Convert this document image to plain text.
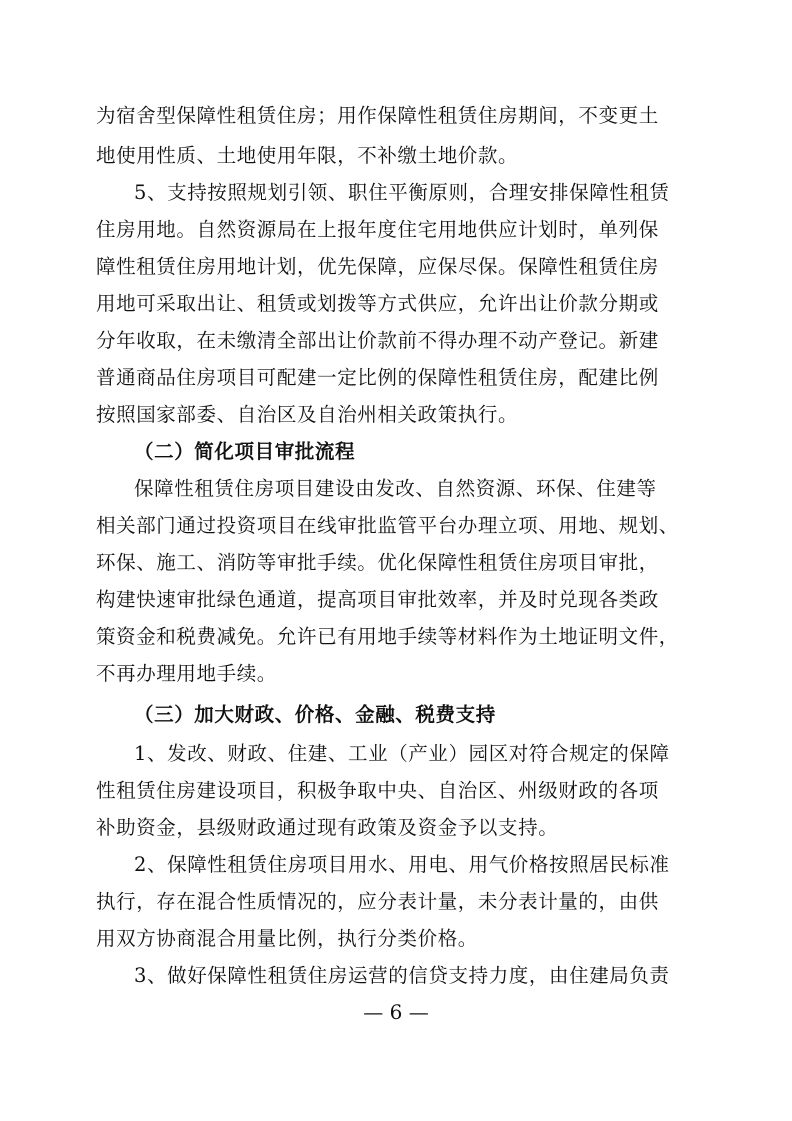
为宿舍型保障性租赁住房；用作保障性租赁住房期间，不变更土
地使用性质、土地使用年限，不补缴土地价款。
5、支持按照规划引领、职住平衡原则，合理安排保障性租赁
住房用地。自然资源局在上报年度住宅用地供应计划时，单列保
障性租赁住房用地计划，优先保障，应保尽保。保障性租赁住房
用地可采取出让、租赁或划拨等方式供应，允许出让价款分期或
分年收取，在未缴清全部出让价款前不得办理不动产登记。新建
普通商品住房项目可配建一定比例的保障性租赁住房，配建比例
按照国家部委、自治区及自治州相关政策执行。
（二）简化项目审批流程
保障性租赁住房项目建设由发改、自然资源、环保、住建等
相关部门通过投资项目在线审批监管平台办理立项、用地、规划、
环保、施工、消防等审批手续。优化保障性租赁住房项目审批，
构建快速审批绿色通道，提高项目审批效率，并及时兑现各类政
策资金和税费减免。允许已有用地手续等材料作为土地证明文件，
不再办理用地手续。
（三）加大财政、价格、金融、税费支持
1、发改、财政、住建、工业（产业）园区对符合规定的保障
性租赁住房建设项目，积极争取中央、自治区、州级财政的各项
补助资金，县级财政通过现有政策及资金予以支持。
2、保障性租赁住房项目用水、用电、用气价格按照居民标准
执行，存在混合性质情况的，应分表计量，未分表计量的，由供
用双方协商混合用量比例，执行分类价格。
3、做好保障性租赁住房运营的信贷支持力度，由住建局负责
— 6 —
